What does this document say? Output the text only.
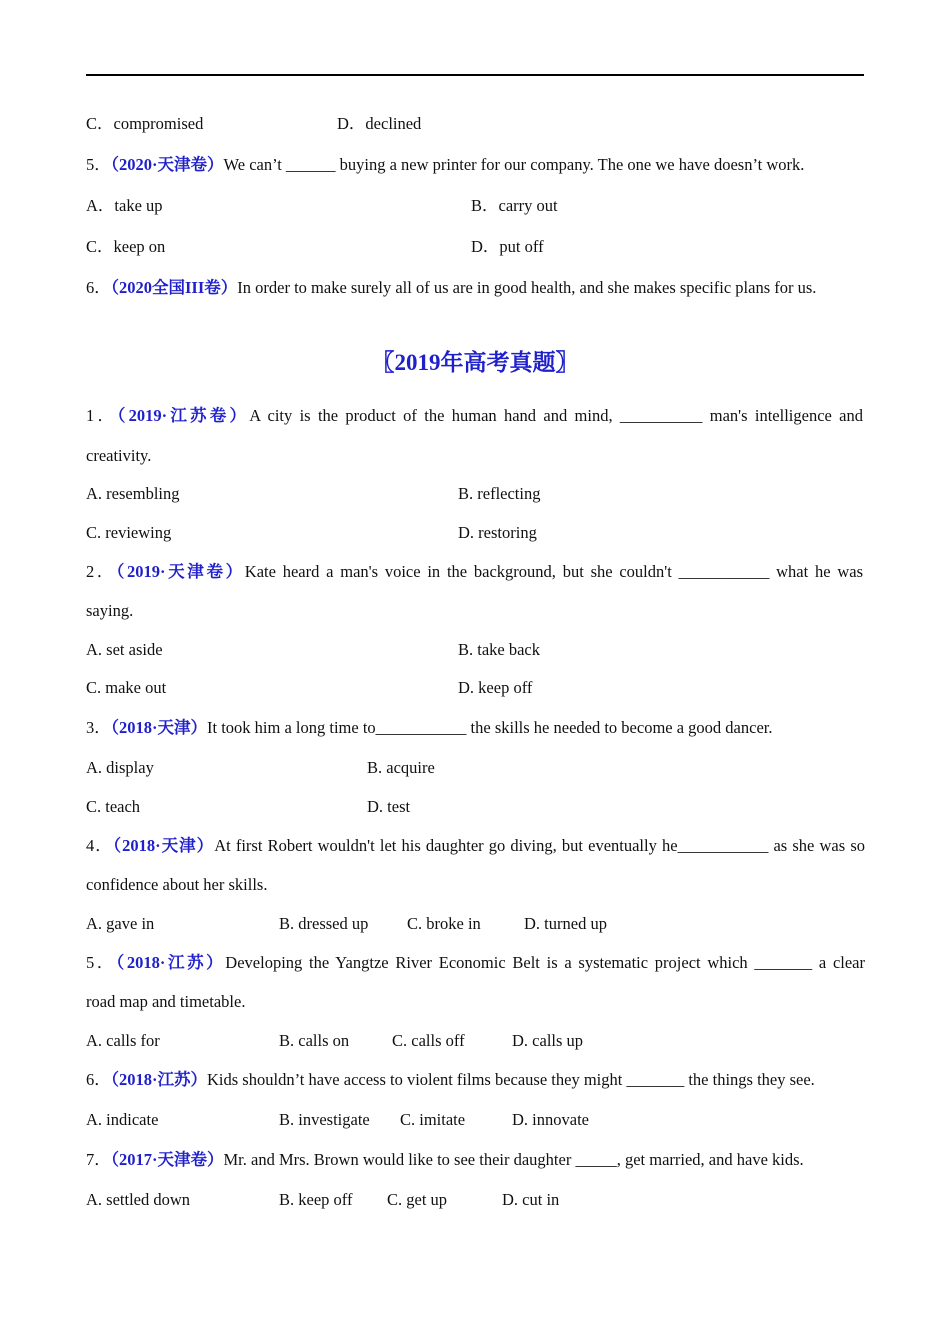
C．compromised	D．declined
5．（2020·天津卷）We can’t ______ buying a new printer for our company. The one we have doesn’t work.
A．take up	B．carry out
C．keep on	D．put off
6．（2020全国III卷）In order to make surely all of us are in good health, and she makes specific plans for us.
〖2019年高考真题〗
1．（2019·江苏卷）A city is the product of the human hand and mind, __________ man's intelligence and
creativity.
A. resembling	B. reflecting
C. reviewing	D. restoring
2．（2019·天津卷）Kate heard a man's voice in the background, but she couldn't ___________ what he was
saying.
A. set aside	B. take back
C. make out	D. keep off
3．（2018·天津）It took him a long time to___________ the skills he needed to become a good dancer.
A. display	B. acquire
C. teach	D. test
4．（2018·天津）At first Robert wouldn't let his daughter go diving, but eventually he___________ as she was so
confidence about her skills.
A. gave in	B. dressed up C. broke in	D. turned up
5．（2018·江苏）Developing the Yangtze River Economic Belt is a systematic project which _______ a clear
road map and timetable.
A. calls for	B. calls on	C. calls off	D. calls up
6．（2018·江苏）Kids shouldn’t have access to violent films because they might _______ the things they see.
A. indicate	B. investigate C. imitate	D. innovate
7．（2017·天津卷）Mr. and Mrs. Brown would like to see their daughter _____, get married, and have kids.
A. settled down	B. keep off C. get up	D. cut in
